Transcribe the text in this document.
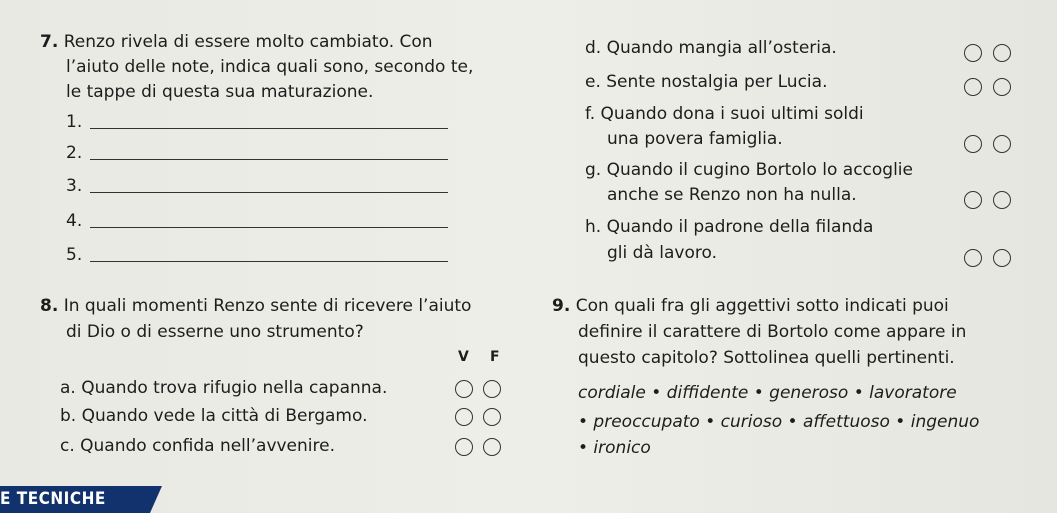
7. Renzo rivela di essere molto cambiato. Con
l’aiuto delle note, indica quali sono, secondo te,
le tappe di questa sua maturazione.
1.
2.
3.
4.
5.
d. Quando mangia all’osteria.
e. Sente nostalgia per Lucia.
f. Quando dona i suoi ultimi soldi
una povera famiglia.
g. Quando il cugino Bortolo lo accoglie
anche se Renzo non ha nulla.
h. Quando il padrone della filanda
gli dà lavoro.
8. In quali momenti Renzo sente di ricevere l’aiuto
di Dio o di esserne uno strumento?
V F
a. Quando trova rifugio nella capanna.
b. Quando vede la città di Bergamo.
c. Quando confida nell’avvenire.
9. Con quali fra gli aggettivi sotto indicati puoi
definire il carattere di Bortolo come appare in
questo capitolo? Sottolinea quelli pertinenti.
cordiale • diffidente • generoso • lavoratore
• preoccupato • curioso • affettuoso • ingenuo
• ironico
E TECNICHE
